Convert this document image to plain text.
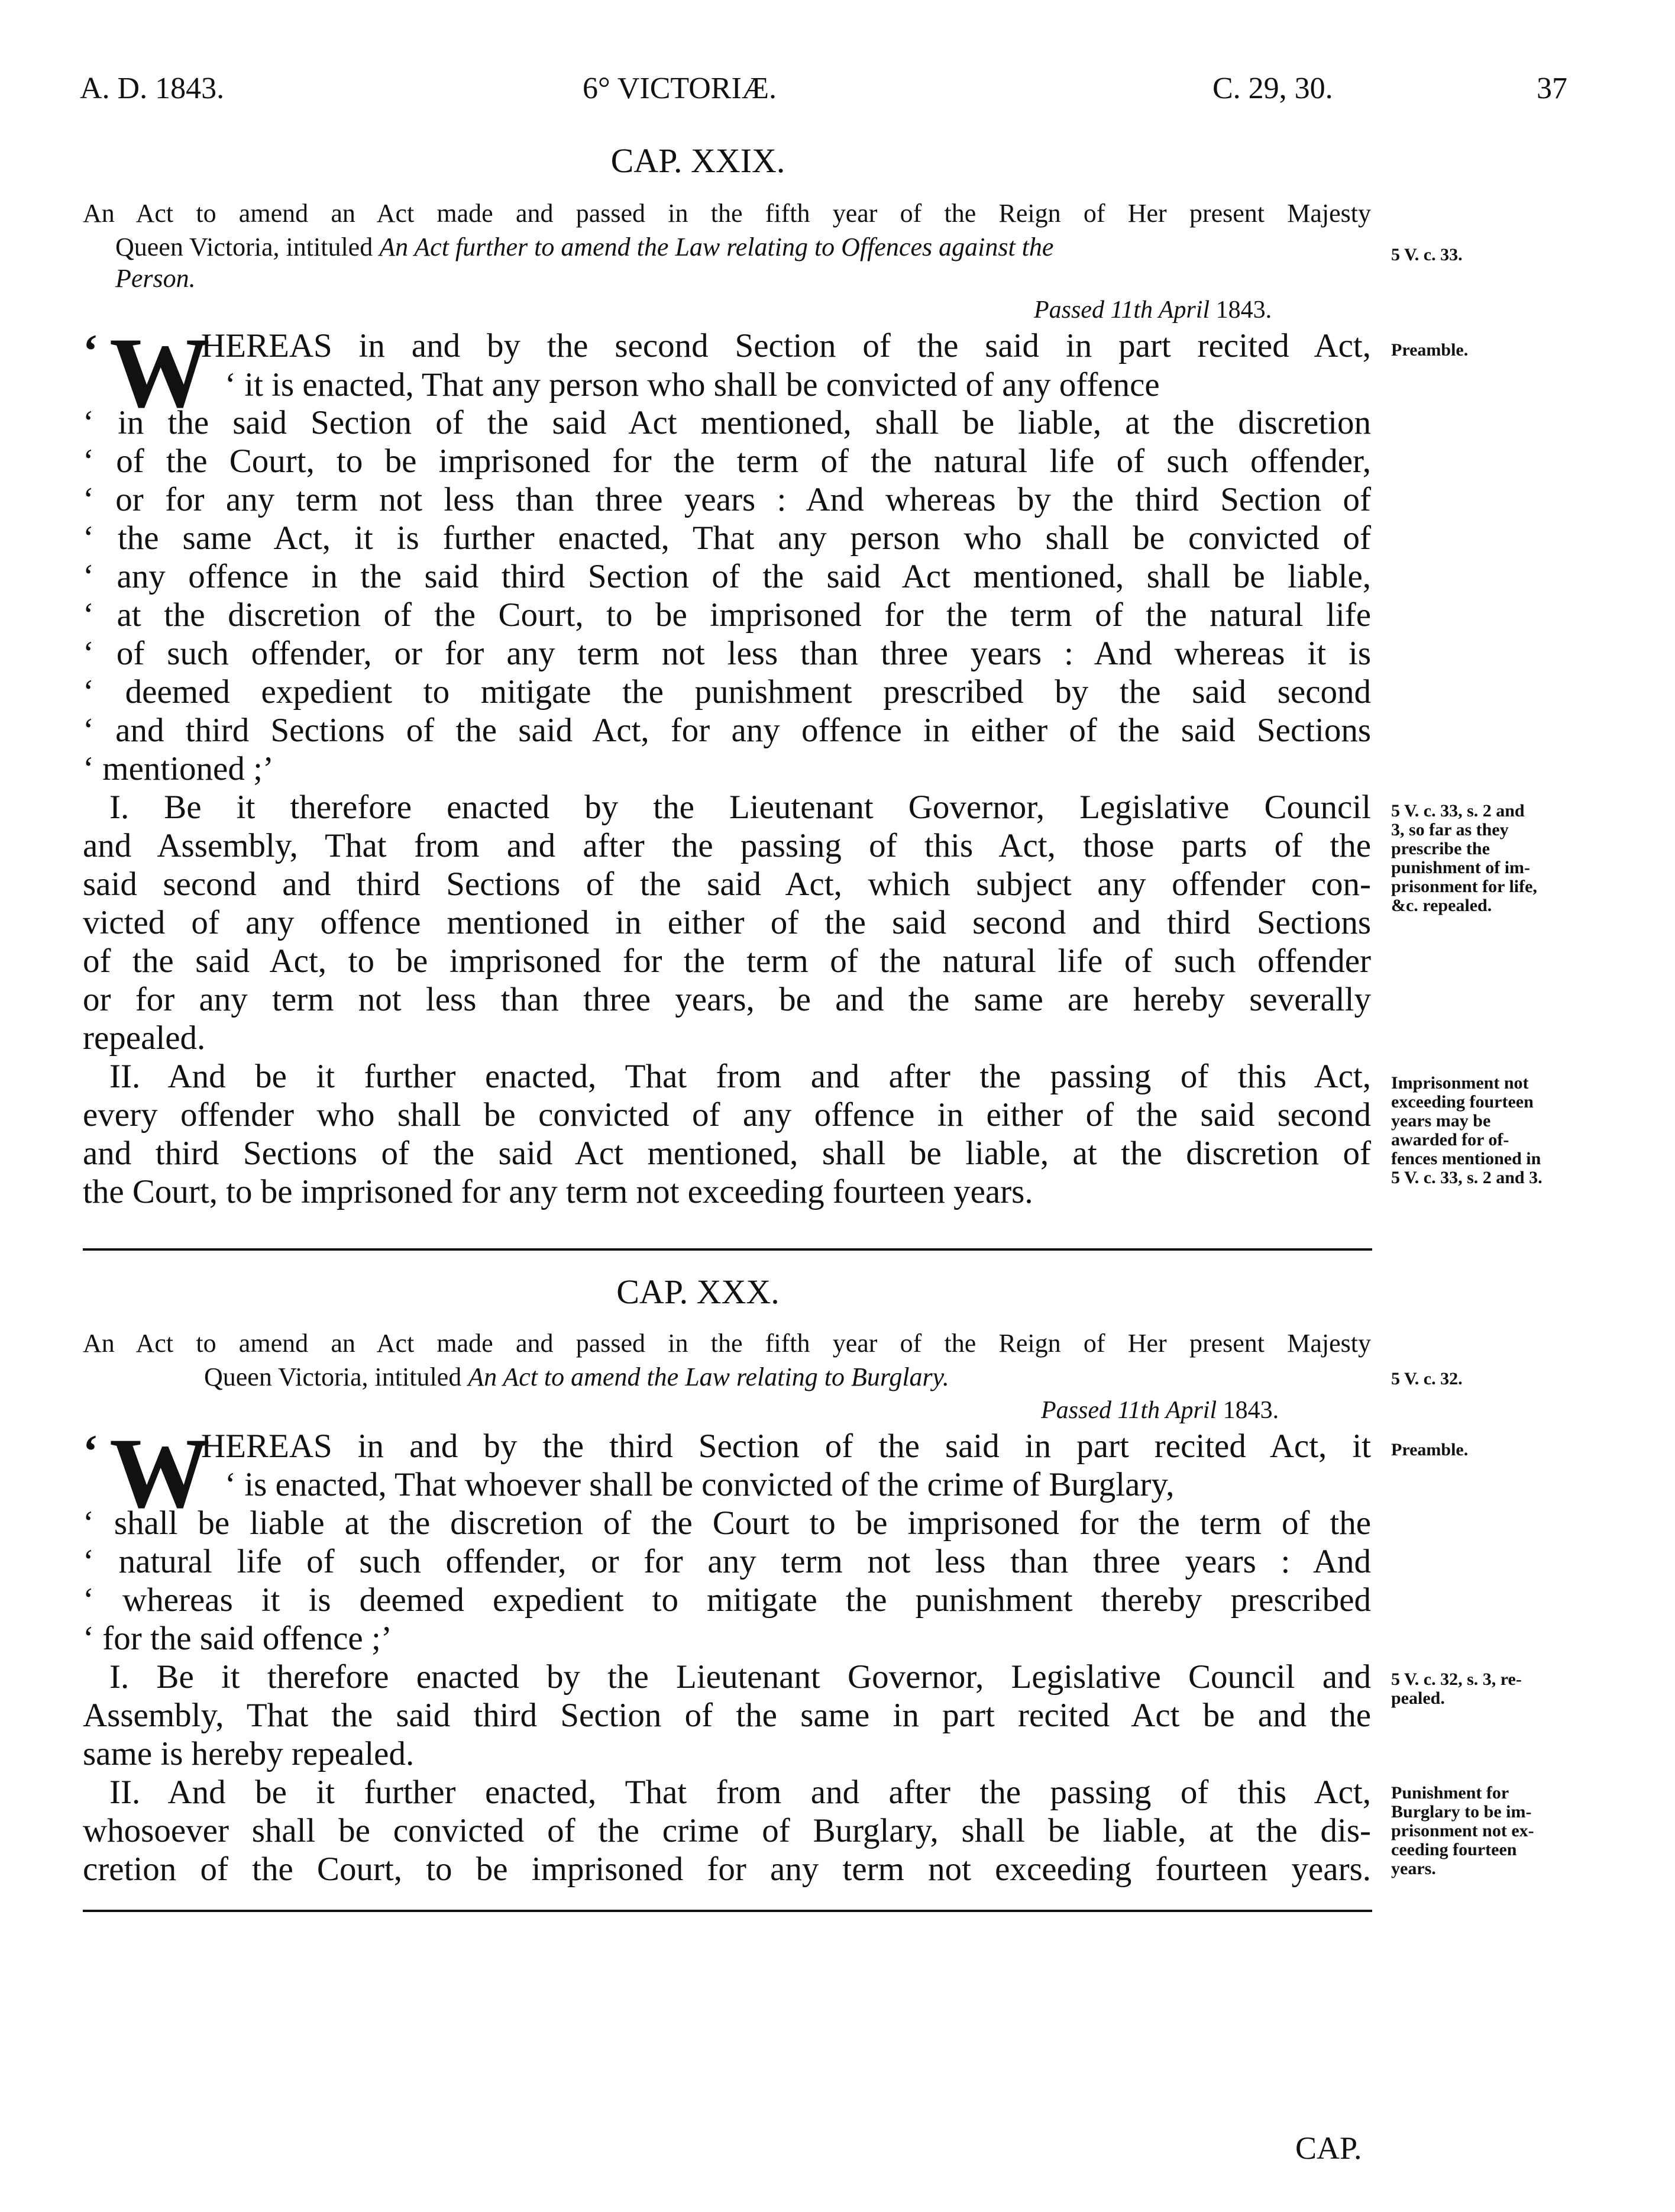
A. D. 1843.	6° VICTORIÆ.	C. 29, 30.	37
CAP. XXIX.
An Act to amend an Act made and passed in the fifth year of the Reign of Her present Majesty
Queen Victoria, intituled An Act further to amend the Law relating to Offences against the
Person.
5 V. c. 33.
Passed 11th April 1843.
‘ W
HEREAS in and by the second Section of the said in part recited Act,
‘ it is enacted, That any person who shall be convicted of any offence
‘ in the said Section of the said Act mentioned, shall be liable, at the discretion
‘ of the Court, to be imprisoned for the term of the natural life of such offender,
‘ or for any term not less than three years : And whereas by the third Section of
‘ the same Act, it is further enacted, That any person who shall be convicted of
‘ any offence in the said third Section of the said Act mentioned, shall be liable,
‘ at the discretion of the Court, to be imprisoned for the term of the natural life
‘ of such offender, or for any term not less than three years : And whereas it is
‘ deemed expedient to mitigate the punishment prescribed by the said second
‘ and third Sections of the said Act, for any offence in either of the said Sections
‘ mentioned ;’
Preamble.
I. Be it therefore enacted by the Lieutenant Governor, Legislative Council
and Assembly, That from and after the passing of this Act, those parts of the
said second and third Sections of the said Act, which subject any offender con-
victed of any offence mentioned in either of the said second and third Sections
of the said Act, to be imprisoned for the term of the natural life of such offender
or for any term not less than three years, be and the same are hereby severally
repealed.
5 V. c. 33, s. 2 and
3, so far as they
prescribe the
punishment of im-
prisonment for life,
&c. repealed.
II. And be it further enacted, That from and after the passing of this Act,
every offender who shall be convicted of any offence in either of the said second
and third Sections of the said Act mentioned, shall be liable, at the discretion of
the Court, to be imprisoned for any term not exceeding fourteen years.
Imprisonment not
exceeding fourteen
years may be
awarded for of-
fences mentioned in
5 V. c. 33, s. 2 and 3.
CAP. XXX.
An Act to amend an Act made and passed in the fifth year of the Reign of Her present Majesty
Queen Victoria, intituled An Act to amend the Law relating to Burglary.	5 V. c. 32.
Passed 11th April 1843.
‘ W
HEREAS in and by the third Section of the said in part recited Act, it
‘ is enacted, That whoever shall be convicted of the crime of Burglary,
‘ shall be liable at the discretion of the Court to be imprisoned for the term of the
‘ natural life of such offender, or for any term not less than three years : And
‘ whereas it is deemed expedient to mitigate the punishment thereby prescribed
‘ for the said offence ;’
Preamble.
I. Be it therefore enacted by the Lieutenant Governor, Legislative Council and
Assembly, That the said third Section of the same in part recited Act be and the
same is hereby repealed.
5 V. c. 32, s. 3, re-
pealed.
II. And be it further enacted, That from and after the passing of this Act,
whosoever shall be convicted of the crime of Burglary, shall be liable, at the dis-
cretion of the Court, to be imprisoned for any term not exceeding fourteen years.
Punishment for
Burglary to be im-
prisonment not ex-
ceeding fourteen
years.
CAP.
